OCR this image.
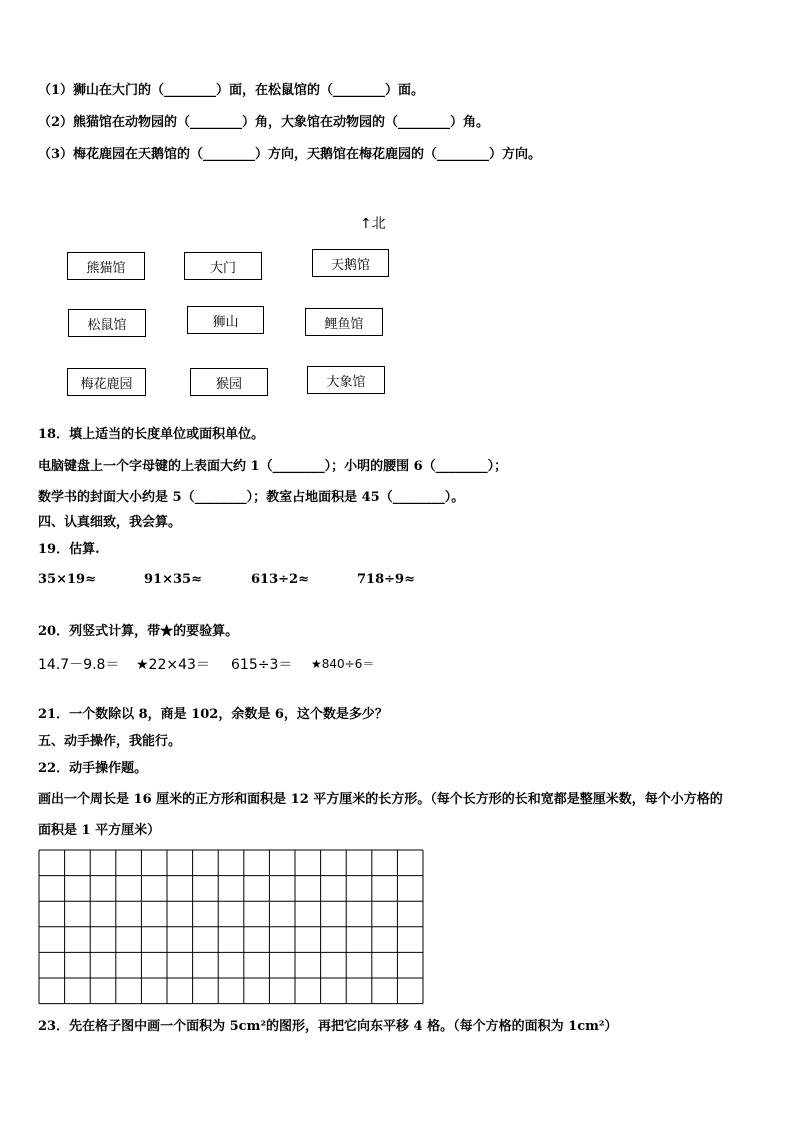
（1）狮山在大门的（________）面，在松鼠馆的（________）面。
（2）熊猫馆在动物园的（________）角，大象馆在动物园的（________）角。
（3）梅花鹿园在天鹅馆的（________）方向，天鹅馆在梅花鹿园的（________）方向。
↑北
熊猫馆	大门	天鹅馆
松鼠馆	狮山	鲤鱼馆
梅花鹿园	猴园	大象馆
18．填上适当的长度单位或面积单位。
电脑键盘上一个字母键的上表面大约 1（________）；小明的腰围 6（________）；
数学书的封面大小约是 5（________）；教室占地面积是 45（________）。
四、认真细致，我会算。
19．估算.
35×19≈	91×35≈	613÷2≈	718÷9≈
20．列竖式计算，带★的要验算。
14.7－9.8＝ ★22×43＝ 615÷3＝ ★840÷6＝
21．一个数除以 8，商是 102，余数是 6，这个数是多少？
五、动手操作，我能行。
22．动手操作题。
画出一个周长是 16 厘米的正方形和面积是 12 平方厘米的长方形。（每个长方形的长和宽都是整厘米数，每个小方格的
面积是 1 平方厘米）
23．先在格子图中画一个面积为 5cm²的图形，再把它向东平移 4 格。（每个方格的面积为 1cm²）
